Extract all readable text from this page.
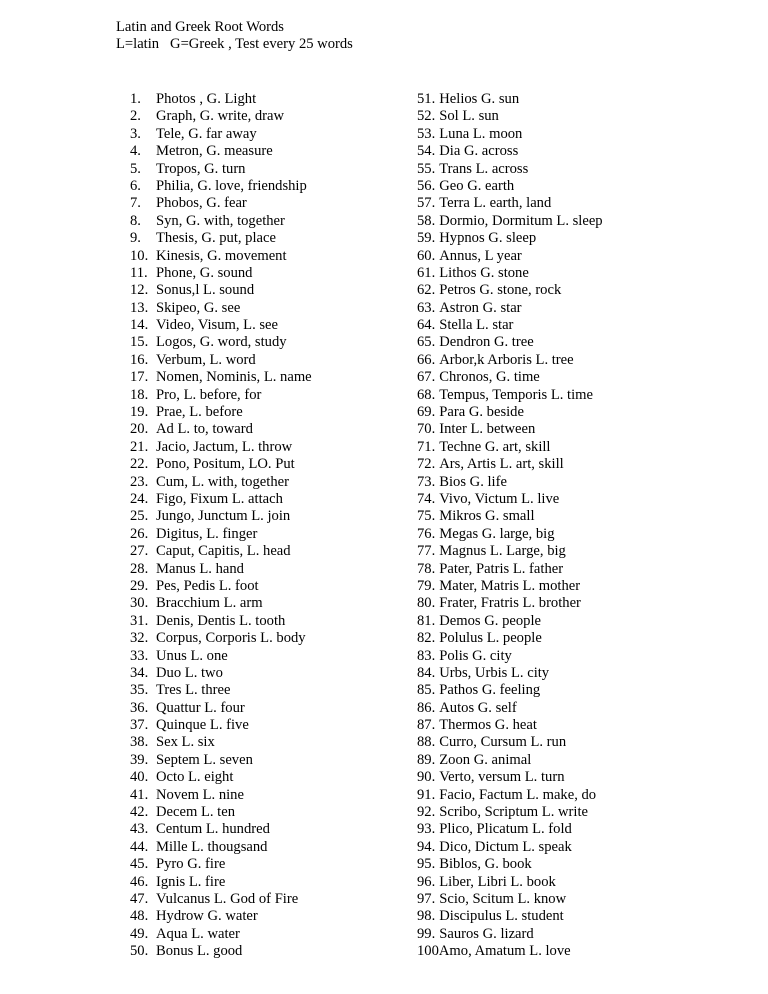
Latin and Greek Root Words
L=latin   G=Greek , Test every 25 words
1.	Photos , G. Light
2.	Graph, G. write, draw
3.	Tele, G. far away
4.	Metron, G. measure
5.	Tropos, G. turn
6.	Philia, G. love, friendship
7.	Phobos, G. fear
8.	Syn, G. with, together
9.	Thesis, G. put, place
10. Kinesis, G. movement
11. Phone, G. sound
12. Sonus,l L. sound
13. Skipeo, G. see
14. Video, Visum, L. see
15. Logos, G. word, study
16. Verbum, L. word
17. Nomen, Nominis, L. name
18. Pro, L. before, for
19. Prae, L. before
20. Ad L. to, toward
21. Jacio, Jactum, L. throw
22. Pono, Positum, LO. Put
23. Cum, L. with, together
24. Figo, Fixum L. attach
25. Jungo, Junctum L. join
26. Digitus, L. finger
27. Caput, Capitis, L. head
28. Manus L. hand
29. Pes, Pedis L. foot
30. Bracchium L. arm
31. Denis, Dentis L. tooth
32. Corpus, Corporis L. body
33. Unus L. one
34. Duo L. two
35. Tres L. three
36. Quattur L. four
37. Quinque L. five
38. Sex L. six
39. Septem L. seven
40. Octo L. eight
41. Novem L. nine
42. Decem L. ten
43. Centum L. hundred
44. Mille L. thougsand
45. Pyro G. fire
46. Ignis L. fire
47. Vulcanus L. God of Fire
48. Hydrow G. water
49. Aqua L. water
50. Bonus L. good
51. Helios G. sun
52. Sol L. sun
53. Luna L. moon
54. Dia G. across
55. Trans L. across
56. Geo G. earth
57. Terra L. earth, land
58. Dormio, Dormitum L. sleep
59. Hypnos G. sleep
60. Annus, L year
61. Lithos G. stone
62. Petros G. stone, rock
63. Astron G. star
64. Stella L. star
65. Dendron G. tree
66. Arbor,k Arboris L. tree
67. Chronos, G. time
68. Tempus, Temporis L. time
69. Para G. beside
70. Inter L. between
71. Techne G. art, skill
72. Ars, Artis L. art, skill
73. Bios G. life
74. Vivo, Victum L. live
75. Mikros G. small
76. Megas G. large, big
77. Magnus L. Large, big
78. Pater, Patris L. father
79. Mater, Matris L. mother
80. Frater, Fratris L. brother
81. Demos G. people
82. Polulus L. people
83. Polis G. city
84. Urbs, Urbis L. city
85. Pathos G. feeling
86. Autos G. self
87. Thermos G. heat
88. Curro, Cursum L. run
89. Zoon G. animal
90. Verto, versum L. turn
91. Facio, Factum L. make, do
92. Scribo, Scriptum L. write
93. Plico, Plicatum L. fold
94. Dico, Dictum L. speak
95. Biblos, G. book
96. Liber, Libri L. book
97. Scio, Scitum L. know
98. Discipulus L. student
99. Sauros G. lizard
100 Amo, Amatum L. love
